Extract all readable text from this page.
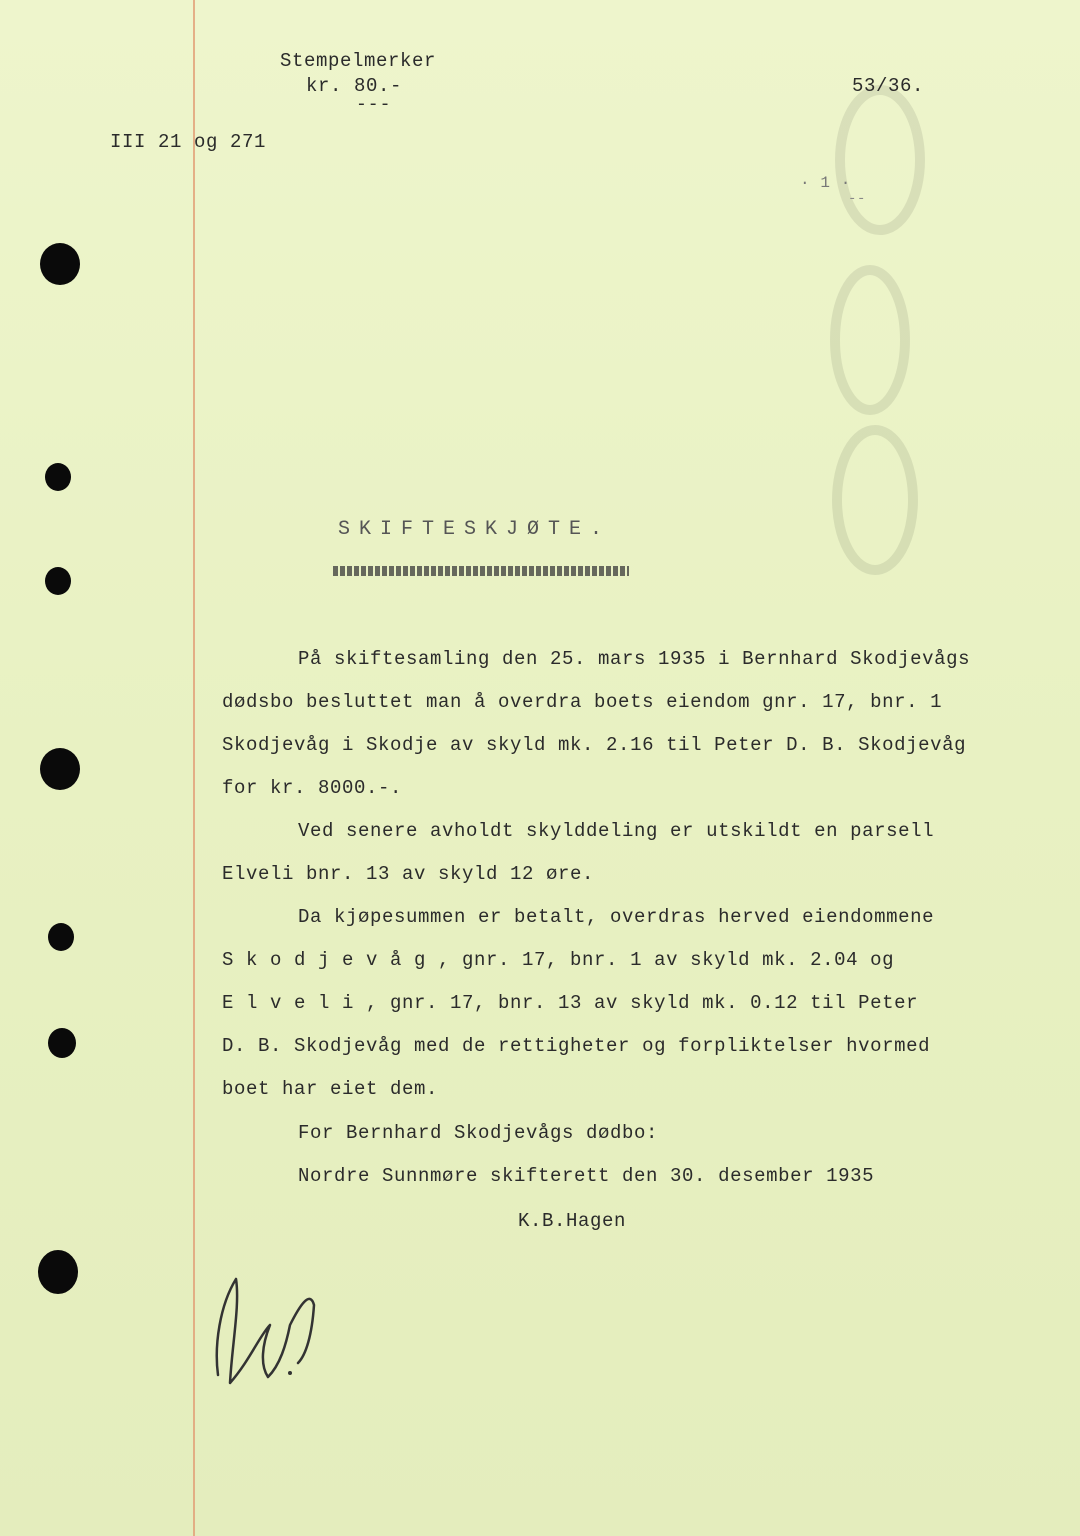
Stempelmerker
kr. 80.-
---
53/36.
III 21 og 271
· 1 ·
--
SKIFTESKJØTE.
På skiftesamling den 25. mars 1935 i Bernhard Skodjevågs
dødsbo besluttet man å overdra boets eiendom gnr. 17, bnr. 1
Skodjevåg i Skodje av skyld mk. 2.16 til Peter D. B. Skodjevåg
for kr. 8000.-.
Ved senere avholdt skylddeling er utskildt en parsell
Elveli bnr. 13 av skyld 12 øre.
Da kjøpesummen er betalt, overdras herved eiendommene
S k o d j e v å g , gnr. 17, bnr. 1 av skyld mk. 2.04 og
E l v e l i , gnr. 17, bnr. 13 av skyld mk. 0.12 til Peter
D. B. Skodjevåg med de rettigheter og forpliktelser hvormed
boet har eiet dem.
For Bernhard Skodjevågs dødbo:
Nordre Sunnmøre skifterett den 30. desember 1935
K.B.Hagen
